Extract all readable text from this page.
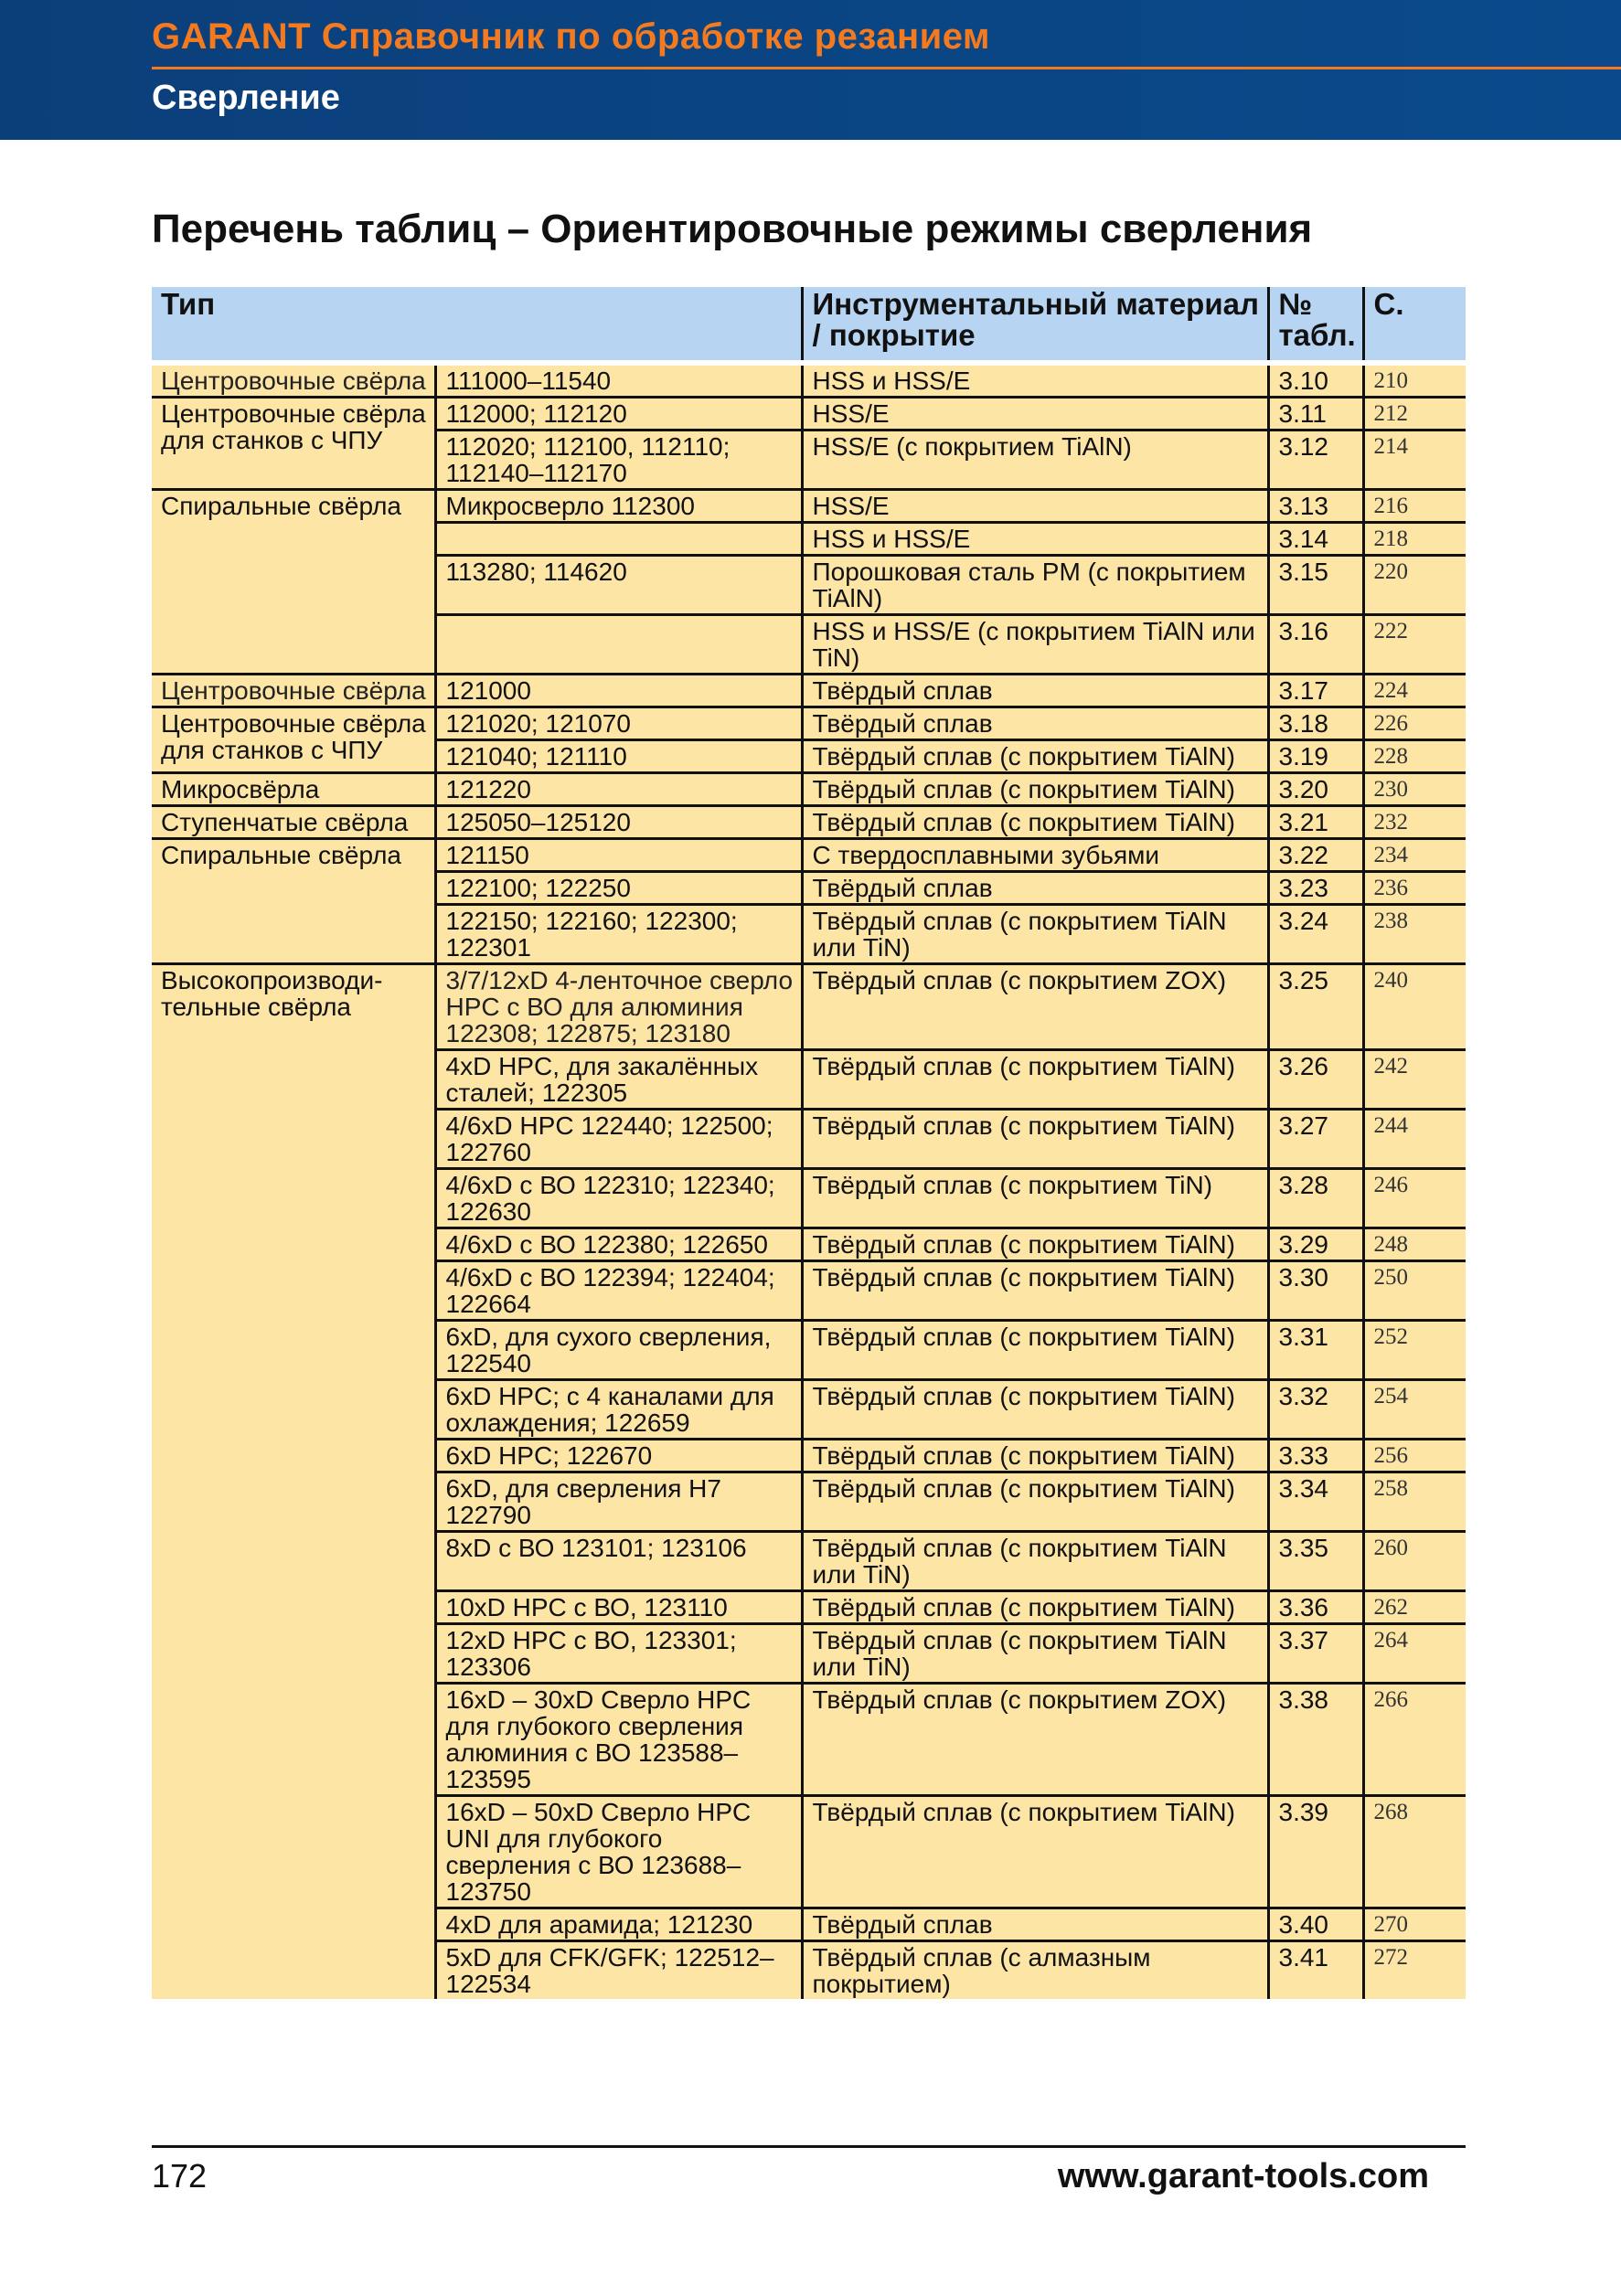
GARANT Справочник по обработке резанием
Сверление
Перечень таблиц – Ориентировочные режимы сверления
Тип		Инструментальный материал / покрытие	№ табл.	С.
Центровочные свёрла	111000–11540	HSS и HSS/E	3.10	210
Центровочные свёрла для станков с ЧПУ	112000; 112120	HSS/E	3.11	212
	112020; 112100, 112110; 112140–112170	HSS/E (с покрытием TiAlN)	3.12	214
Спиральные свёрла	Микросверло 112300	HSS/E	3.13	216
		HSS и HSS/E	3.14	218
	113280; 114620	Порошковая сталь PM (с покрытием TiAlN)	3.15	220
		HSS и HSS/E (с покрытием TiAlN или TiN)	3.16	222
Центровочные свёрла	121000	Твёрдый сплав	3.17	224
Центровочные свёрла для станков с ЧПУ	121020; 121070	Твёрдый сплав	3.18	226
	121040; 121110	Твёрдый сплав (с покрытием TiAlN)	3.19	228
Микросвёрла	121220	Твёрдый сплав (с покрытием TiAlN)	3.20	230
Ступенчатые свёрла	125050–125120	Твёрдый сплав (с покрытием TiAlN)	3.21	232
Спиральные свёрла	121150	С твердосплавными зубьями	3.22	234
	122100; 122250	Твёрдый сплав	3.23	236
	122150; 122160; 122300; 122301	Твёрдый сплав (с покрытием TiAlN или TiN)	3.24	238
Высокопроизводи-тельные свёрла	3/7/12xD 4-ленточное сверло HPC с ВО для алюминия 122308; 122875; 123180	Твёрдый сплав (с покрытием ZOX)	3.25	240
	4xD HPC, для закалённых сталей; 122305	Твёрдый сплав (с покрытием TiAlN)	3.26	242
	4/6xD HPC 122440; 122500; 122760	Твёрдый сплав (с покрытием TiAlN)	3.27	244
	4/6xD с ВО 122310; 122340; 122630	Твёрдый сплав (с покрытием TiN)	3.28	246
	4/6xD с ВО 122380; 122650	Твёрдый сплав (с покрытием TiAlN)	3.29	248
	4/6xD с ВО 122394; 122404; 122664	Твёрдый сплав (с покрытием TiAlN)	3.30	250
	6xD, для сухого сверления, 122540	Твёрдый сплав (с покрытием TiAlN)	3.31	252
	6xD HPC; с 4 каналами для охлаждения; 122659	Твёрдый сплав (с покрытием TiAlN)	3.32	254
	6xD HPC; 122670	Твёрдый сплав (с покрытием TiAlN)	3.33	256
	6xD, для сверления H7 122790	Твёрдый сплав (с покрытием TiAlN)	3.34	258
	8xD с ВО 123101; 123106	Твёрдый сплав (с покрытием TiAlN или TiN)	3.35	260
	10xD HPC с ВО, 123110	Твёрдый сплав (с покрытием TiAlN)	3.36	262
	12xD HPC с ВО, 123301; 123306	Твёрдый сплав (с покрытием TiAlN или TiN)	3.37	264
	16xD – 30xD Сверло HPC для глубокого сверления алюминия с ВО 123588–123595	Твёрдый сплав (с покрытием ZOX)	3.38	266
	16xD – 50xD Сверло HPC UNI для глубокого сверления с ВО 123688–123750	Твёрдый сплав (с покрытием TiAlN)	3.39	268
	4xD для арамида; 121230	Твёрдый сплав	3.40	270
	5xD для CFK/GFK; 122512–122534	Твёрдый сплав (с алмазным покрытием)	3.41	272
172	www.garant-tools.com
